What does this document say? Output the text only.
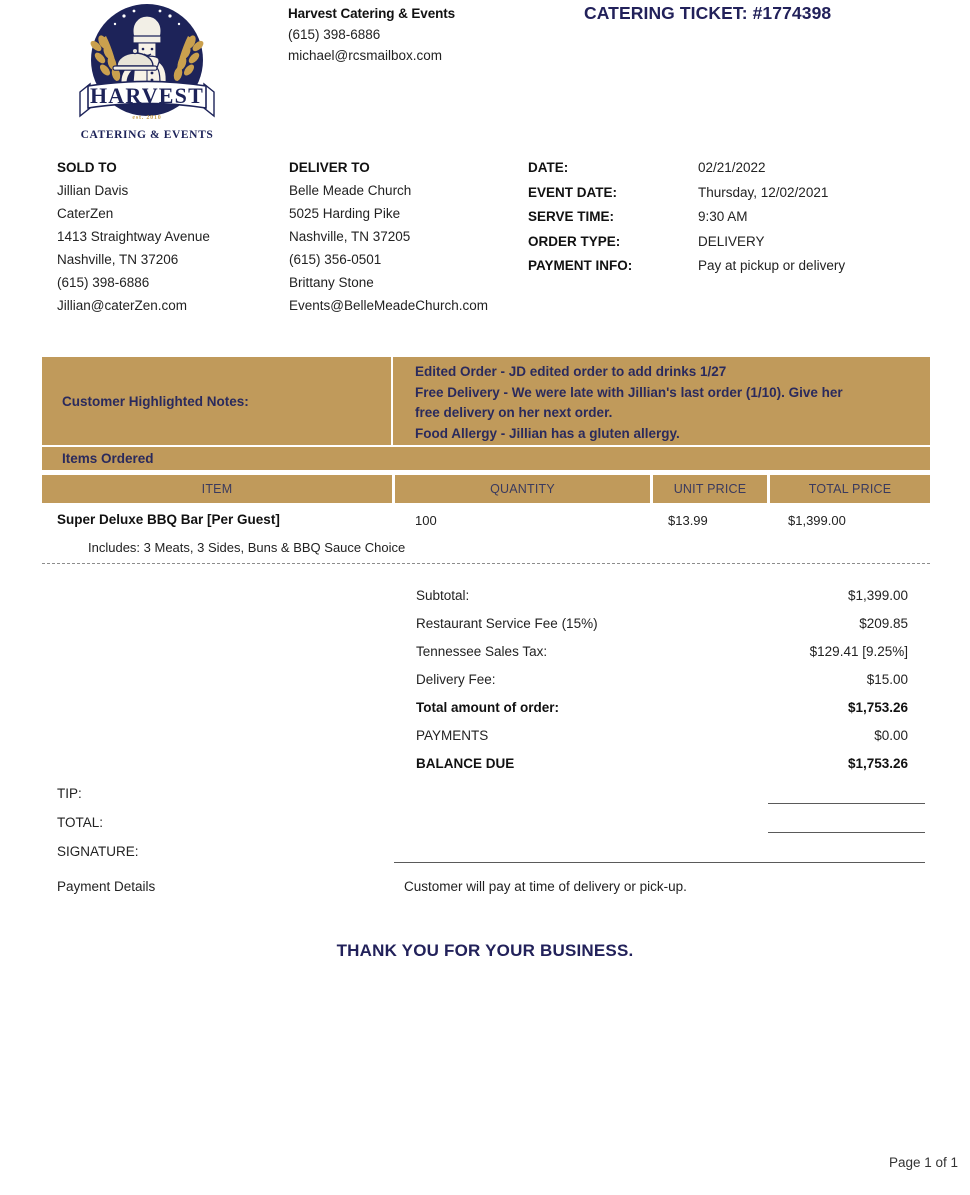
HARVEST
est. 2010
CATERING & EVENTS
Harvest Catering & Events
(615) 398-6886
michael@rcsmailbox.com
CATERING TICKET: #1774398
SOLD TO
Jillian Davis
CaterZen
1413 Straightway Avenue
Nashville, TN 37206
(615) 398-6886
Jillian@caterZen.com
DELIVER TO
Belle Meade Church
5025 Harding Pike
Nashville, TN 37205
(615) 356-0501
Brittany Stone
Events@BelleMeadeChurch.com
DATE:	02/21/2022
EVENT DATE:	Thursday, 12/02/2021
SERVE TIME:	9:30 AM
ORDER TYPE:	DELIVERY
PAYMENT INFO:	Pay at pickup or delivery
Customer Highlighted Notes:
Edited Order - JD edited order to add drinks 1/27
Free Delivery - We were late with Jillian's last order (1/10). Give her
free delivery on her next order.
Food Allergy - Jillian has a gluten allergy.
Items Ordered
ITEM	QUANTITY	UNIT PRICE	TOTAL PRICE
Super Deluxe BBQ Bar [Per Guest]	100	$13.99	$1,399.00
Includes: 3 Meats, 3 Sides, Buns & BBQ Sauce Choice
Subtotal:	$1,399.00
Restaurant Service Fee (15%)	$209.85
Tennessee Sales Tax:	$129.41 [9.25%]
Delivery Fee:	$15.00
Total amount of order:	$1,753.26
PAYMENTS	$0.00
BALANCE DUE	$1,753.26
TIP:
TOTAL:
SIGNATURE:
Payment Details	Customer will pay at time of delivery or pick-up.
THANK YOU FOR YOUR BUSINESS.
Page 1 of 1
